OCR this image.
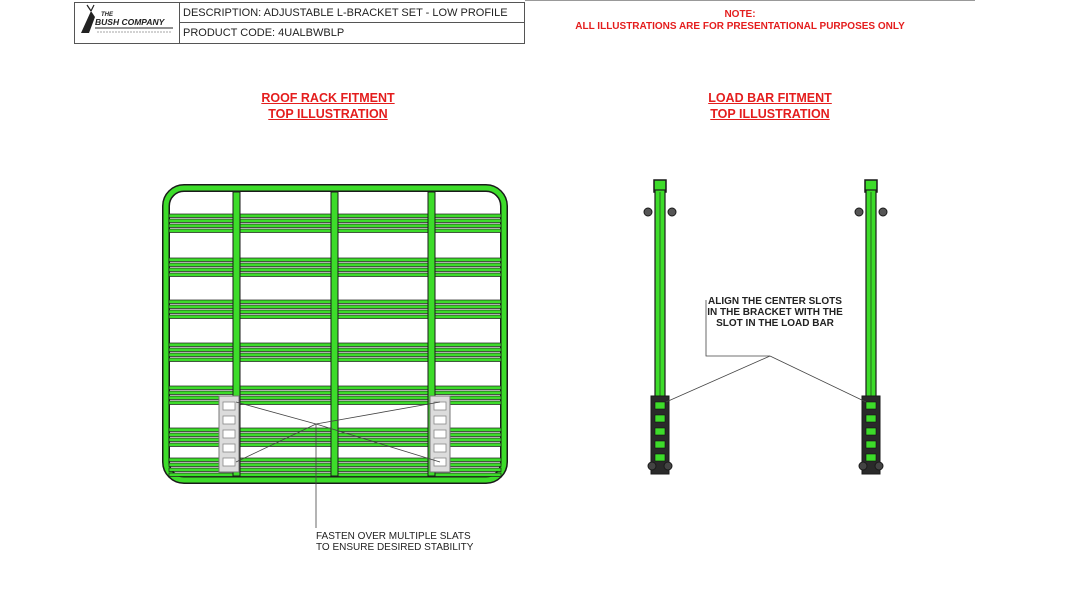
THE
BUSH COMPANY
DESCRIPTION: ADJUSTABLE L-BRACKET SET - LOW PROFILE
PRODUCT CODE: 4UALBWBLP
NOTE:
ALL ILLUSTRATIONS ARE FOR PRESENTATIONAL PURPOSES ONLY
ROOF RACK FITMENT
TOP ILLUSTRATION
LOAD BAR FITMENT
TOP ILLUSTRATION
FASTEN OVER MULTIPLE SLATS
TO ENSURE DESIRED STABILITY
ALIGN THE CENTER SLOTS
IN THE BRACKET WITH THE
SLOT IN THE LOAD BAR
